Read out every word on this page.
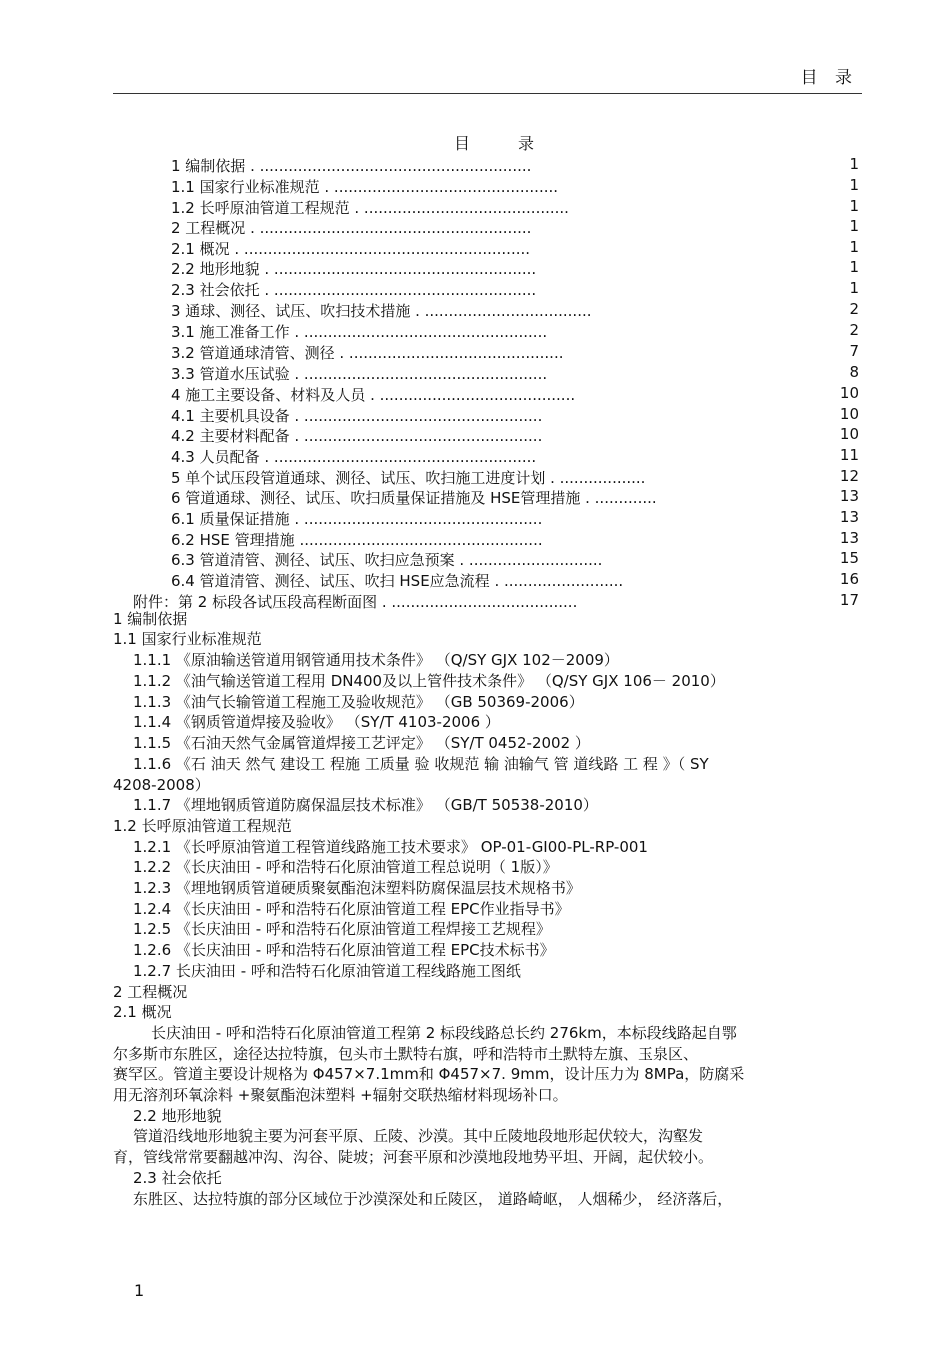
目 录
目	录
1 编制依据 . .........................................................	1
1.1 国家行业标准规范 . ...............................................	1
1.2 长呼原油管道工程规范 . ...........................................	1
2 工程概况 . .........................................................	1
2.1 概况 . ............................................................	1
2.2 地形地貌 . .......................................................	1
2.3 社会依托 . .......................................................	1
3 通球、测径、试压、吹扫技术措施 . ...................................	2
3.1 施工准备工作 . ...................................................	2
3.2 管道通球清管、测径 . .............................................	7
3.3 管道水压试验 . ...................................................	8
4 施工主要设备、材料及人员 . .........................................	10
4.1 主要机具设备 . ..................................................	10
4.2 主要材料配备 . ..................................................	10
4.3 人员配备 . .......................................................	11
5 单个试压段管道通球、测径、试压、吹扫施工进度计划 . ..................	12
6 管道通球、测径、试压、吹扫质量保证措施及 HSE管理措施 . .............	13
6.1 质量保证措施 . ..................................................	13
6.2 HSE 管理措施 ...................................................	13
6.3 管道清管、测径、试压、吹扫应急预案 . ............................	15
6.4 管道清管、测径、试压、吹扫 HSE应急流程 . .........................	16
附件：第 2 标段各试压段高程断面图 . .......................................	17
1 编制依据
1.1 国家行业标准规范
1.1.1 《原油输送管道用钢管通用技术条件》 （Q/SY GJX 102－2009）
1.1.2 《油气输送管道工程用 DN400及以上管件技术条件》 （Q/SY GJX 106－ 2010）
1.1.3 《油气长输管道工程施工及验收规范》 （GB 50369-2006）
1.1.4 《钢质管道焊接及验收》 （SY/T 4103-2006 ）
1.1.5 《石油天然气金属管道焊接工艺评定》 （SY/T 0452-2002 ）
1.1.6 《石 油天 然气 建设工 程施 工质量 验 收规范 输 油输气 管 道线路 工 程 》（ SY
4208-2008）
1.1.7 《埋地钢质管道防腐保温层技术标准》 （GB/T 50538-2010）
1.2 长呼原油管道工程规范
1.2.1 《长呼原油管道工程管道线路施工技术要求》 OP-01-GI00-PL-RP-001
1.2.2 《长庆油田 - 呼和浩特石化原油管道工程总说明（ 1版）》
1.2.3 《埋地钢质管道硬质聚氨酯泡沫塑料防腐保温层技术规格书》
1.2.4 《长庆油田 - 呼和浩特石化原油管道工程 EPC作业指导书》
1.2.5 《长庆油田 - 呼和浩特石化原油管道工程焊接工艺规程》
1.2.6 《长庆油田 - 呼和浩特石化原油管道工程 EPC技术标书》
1.2.7 长庆油田 - 呼和浩特石化原油管道工程线路施工图纸
2 工程概况
2.1 概况
长庆油田 - 呼和浩特石化原油管道工程第 2 标段线路总长约 276km，本标段线路起自鄂
尔多斯市东胜区，途径达拉特旗，包头市土默特右旗，呼和浩特市土默特左旗、玉泉区、
赛罕区。管道主要设计规格为 Φ457×7.1mm和 Φ457×7. 9mm，设计压力为 8MPa，防腐采
用无溶剂环氧涂料 +聚氨酯泡沫塑料 +辐射交联热缩材料现场补口。
2.2 地形地貌
管道沿线地形地貌主要为河套平原、丘陵、沙漠。其中丘陵地段地形起伏较大，沟壑发
育，管线常常要翻越冲沟、沟谷、陡坡；河套平原和沙漠地段地势平坦、开阔，起伏较小。
2.3 社会依托
东胜区、达拉特旗的部分区域位于沙漠深处和丘陵区， 道路崎岖， 人烟稀少， 经济落后，
1
